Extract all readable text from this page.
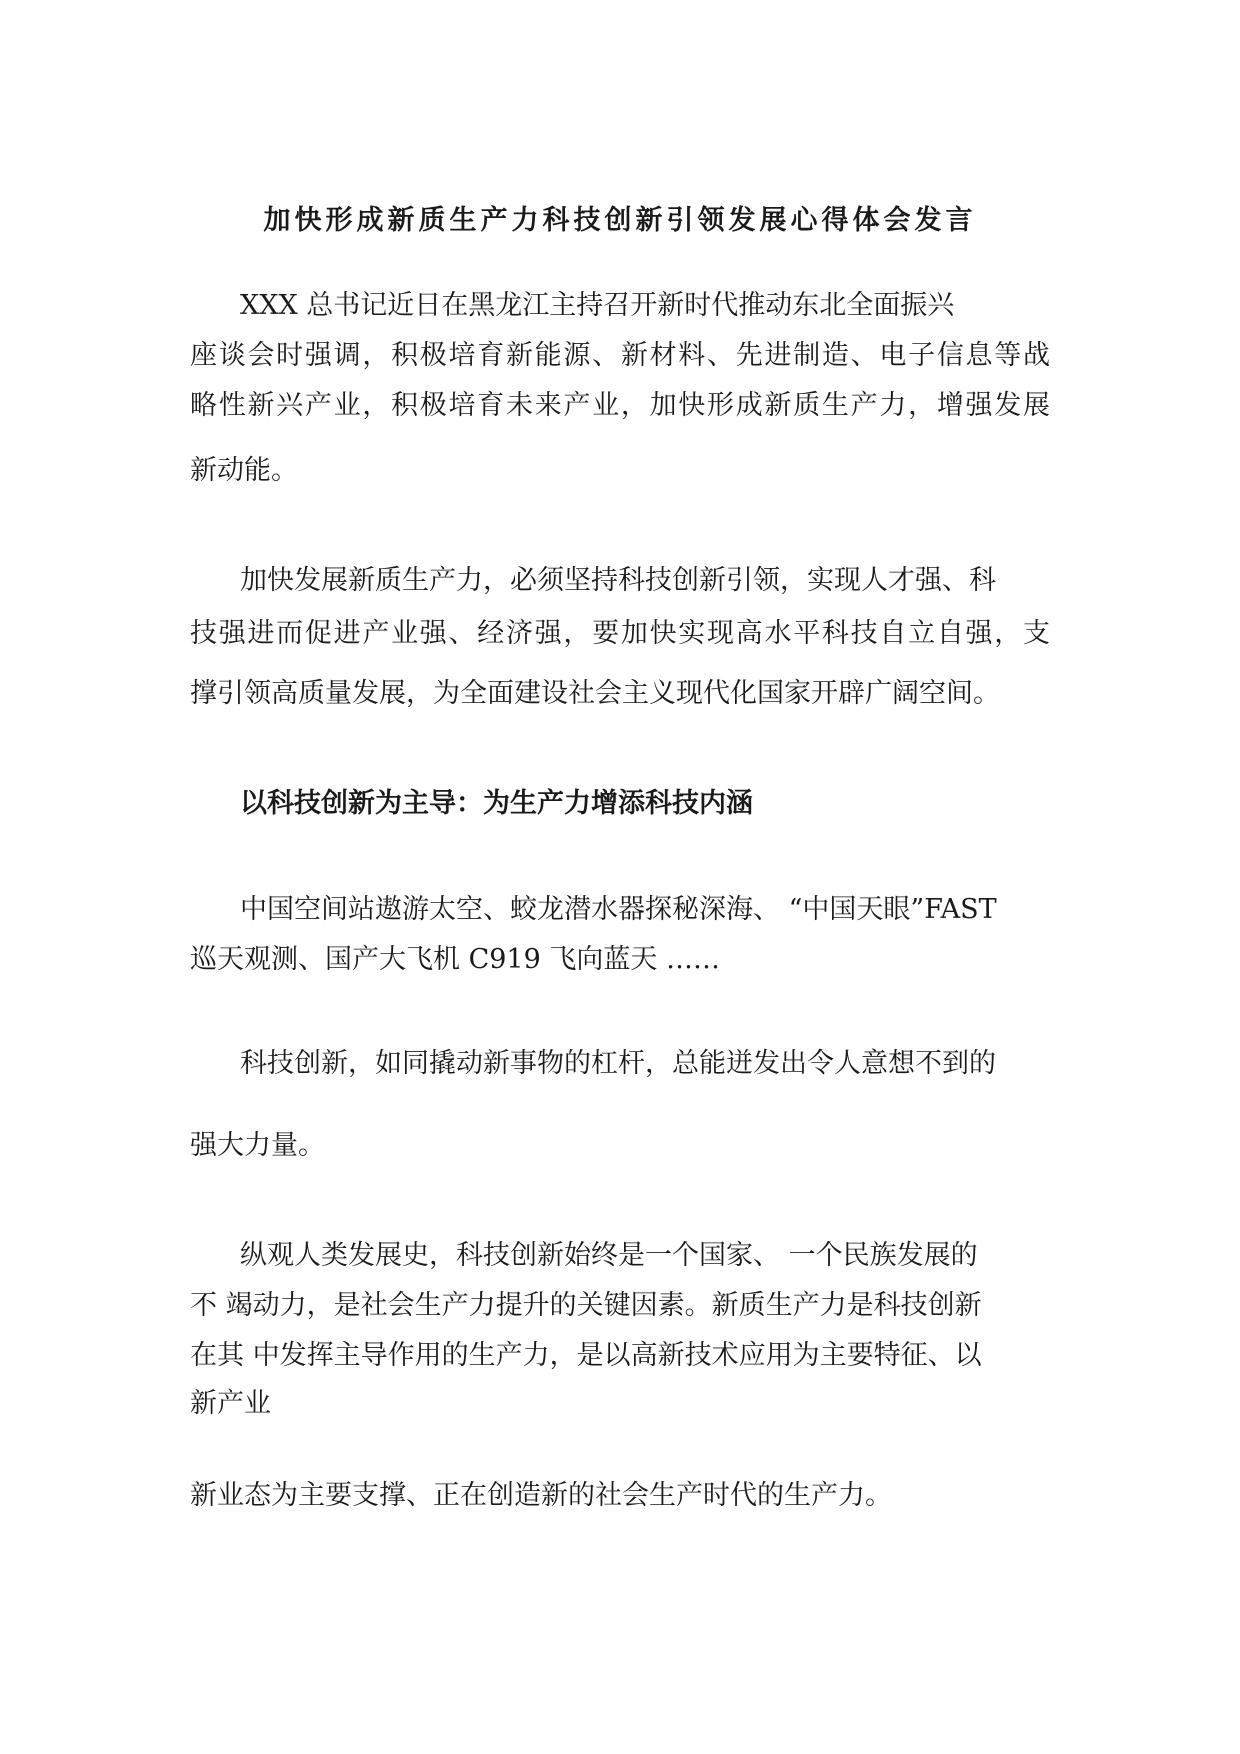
加快形成新质生产力科技创新引领发展心得体会发言
XXX 总书记近日在黑龙江主持召开新时代推动东北全面振兴
座谈会时强调，积极培育新能源、新材料、先进制造、电子信息等战
略性新兴产业，积极培育未来产业，加快形成新质生产力，增强发展
新动能。
加快发展新质生产力，必须坚持科技创新引领，实现人才强、科
技强进而促进产业强、经济强，要加快实现高水平科技自立自强，支
撑引领高质量发展，为全面建设社会主义现代化国家开辟广阔空间。
以科技创新为主导：为生产力增添科技内涵
中国空间站遨游太空、蛟龙潜水器探秘深海、 “中国天眼”FAST
巡天观测、国产大飞机 C919 飞向蓝天 ……
科技创新，如同撬动新事物的杠杆，总能迸发出令人意想不到的
强大力量。
纵观人类发展史，科技创新始终是一个国家、 一个民族发展的
不 竭动力，是社会生产力提升的关键因素。新质生产力是科技创新
在其 中发挥主导作用的生产力，是以高新技术应用为主要特征、以
新产业
新业态为主要支撑、正在创造新的社会生产时代的生产力。
